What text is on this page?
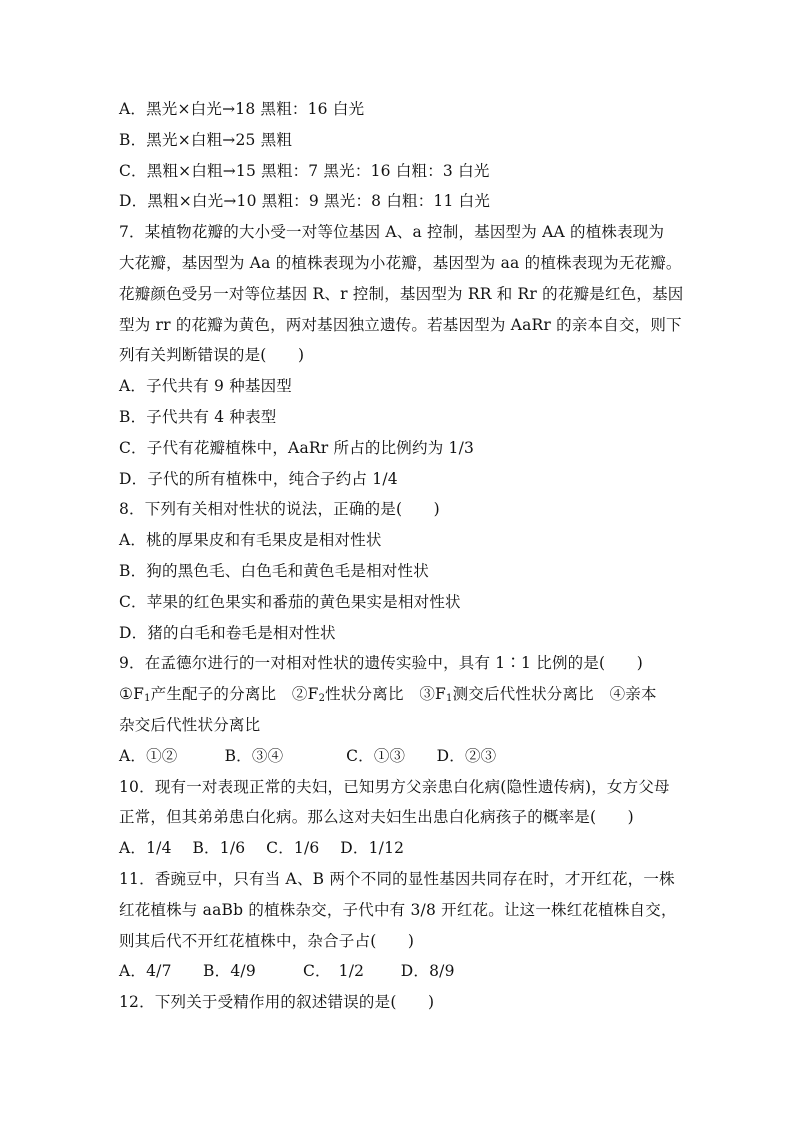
A．黑光×白光→18 黑粗：16 白光
B．黑光×白粗→25 黑粗
C．黑粗×白粗→15 黑粗：7 黑光：16 白粗：3 白光
D．黑粗×白光→10 黑粗：9 黑光：8 白粗：11 白光
7．某植物花瓣的大小受一对等位基因 A、a 控制，基因型为 AA 的植株表现为
大花瓣，基因型为 Aa 的植株表现为小花瓣，基因型为 aa 的植株表现为无花瓣。
花瓣颜色受另一对等位基因 R、r 控制，基因型为 RR 和 Rr 的花瓣是红色，基因
型为 rr 的花瓣为黄色，两对基因独立遗传。若基因型为 AaRr 的亲本自交，则下
列有关判断错误的是(　　)
A．子代共有 9 种基因型
B．子代共有 4 种表型
C．子代有花瓣植株中，AaRr 所占的比例约为 1/3
D．子代的所有植株中，纯合子约占 1/4
8．下列有关相对性状的说法，正确的是(　　)
A．桃的厚果皮和有毛果皮是相对性状
B．狗的黑色毛、白色毛和黄色毛是相对性状
C．苹果的红色果实和番茄的黄色果实是相对性状
D．猪的白毛和卷毛是相对性状
9．在孟德尔进行的一对相对性状的遗传实验中，具有 1∶1 比例的是(　　)
$①F_1$产生配子的分离比　$②F_2$性状分离比　$③F_1$测交后代性状分离比　④亲本
杂交后代性状分离比
A．①②　　　B．③④　　　　C．①③　　D．②③
10．现有一对表现正常的夫妇，已知男方父亲患白化病(隐性遗传病)，女方父母
正常，但其弟弟患白化病。那么这对夫妇生出患白化病孩子的概率是(　　)
A．1/4　 B．1/6　 C．1/6　 D．1/12
11．香豌豆中，只有当 A、B 两个不同的显性基因共同存在时，才开红花，一株
红花植株与 aaBb 的植株杂交，子代中有 3/8 开红花。让这一株红花植株自交，
则其后代不开红花植株中，杂合子占(　　)
A．4/7　　B．4/9　　　C．　1/2　　 D．8/9
12．下列关于受精作用的叙述错误的是(　　)
